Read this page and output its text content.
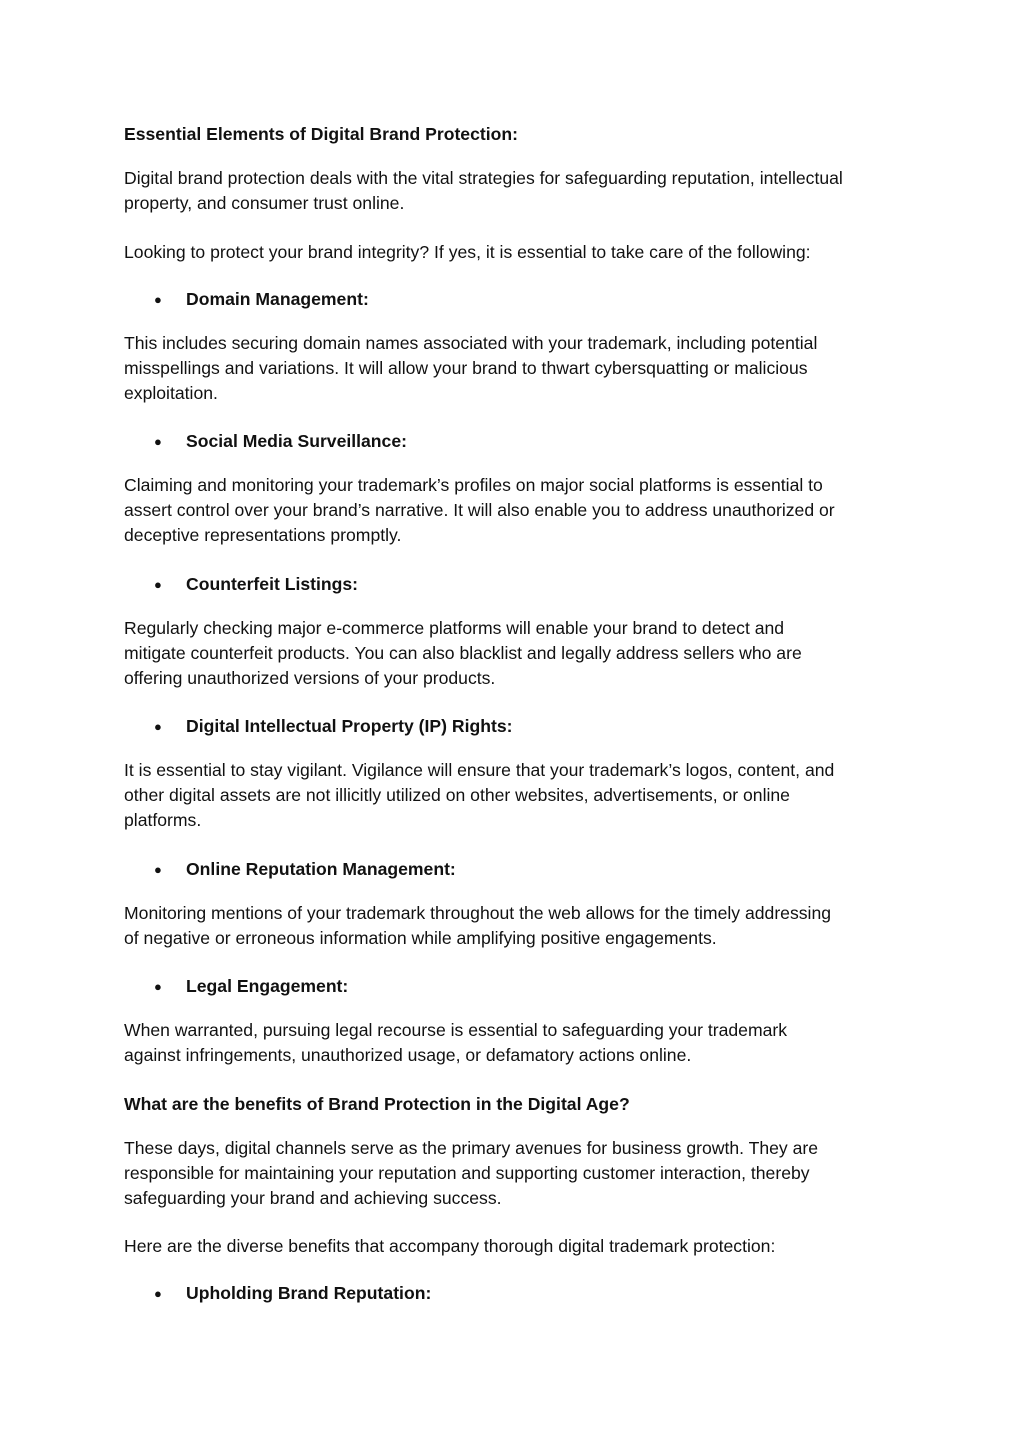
Essential Elements of Digital Brand Protection:

Digital brand protection deals with the vital strategies for safeguarding reputation, intellectual

property, and consumer trust online.

Looking to protect your brand integrity? If yes, it is essential to take care of the following:

● Domain Management:

This includes securing domain names associated with your trademark, including potential

misspellings and variations. It will allow your brand to thwart cybersquatting or malicious

exploitation.

● Social Media Surveillance:

Claiming and monitoring your trademark’s profiles on major social platforms is essential to

assert control over your brand’s narrative. It will also enable you to address unauthorized or

deceptive representations promptly.

● Counterfeit Listings:

Regularly checking major e-commerce platforms will enable your brand to detect and

mitigate counterfeit products. You can also blacklist and legally address sellers who are

offering unauthorized versions of your products.

● Digital Intellectual Property (IP) Rights:

It is essential to stay vigilant. Vigilance will ensure that your trademark’s logos, content, and

other digital assets are not illicitly utilized on other websites, advertisements, or online

platforms.

● Online Reputation Management:

Monitoring mentions of your trademark throughout the web allows for the timely addressing

of negative or erroneous information while amplifying positive engagements.

● Legal Engagement:

When warranted, pursuing legal recourse is essential to safeguarding your trademark

against infringements, unauthorized usage, or defamatory actions online.

What are the benefits of Brand Protection in the Digital Age?

These days, digital channels serve as the primary avenues for business growth. They are

responsible for maintaining your reputation and supporting customer interaction, thereby

safeguarding your brand and achieving success.

Here are the diverse benefits that accompany thorough digital trademark protection:

● Upholding Brand Reputation:
